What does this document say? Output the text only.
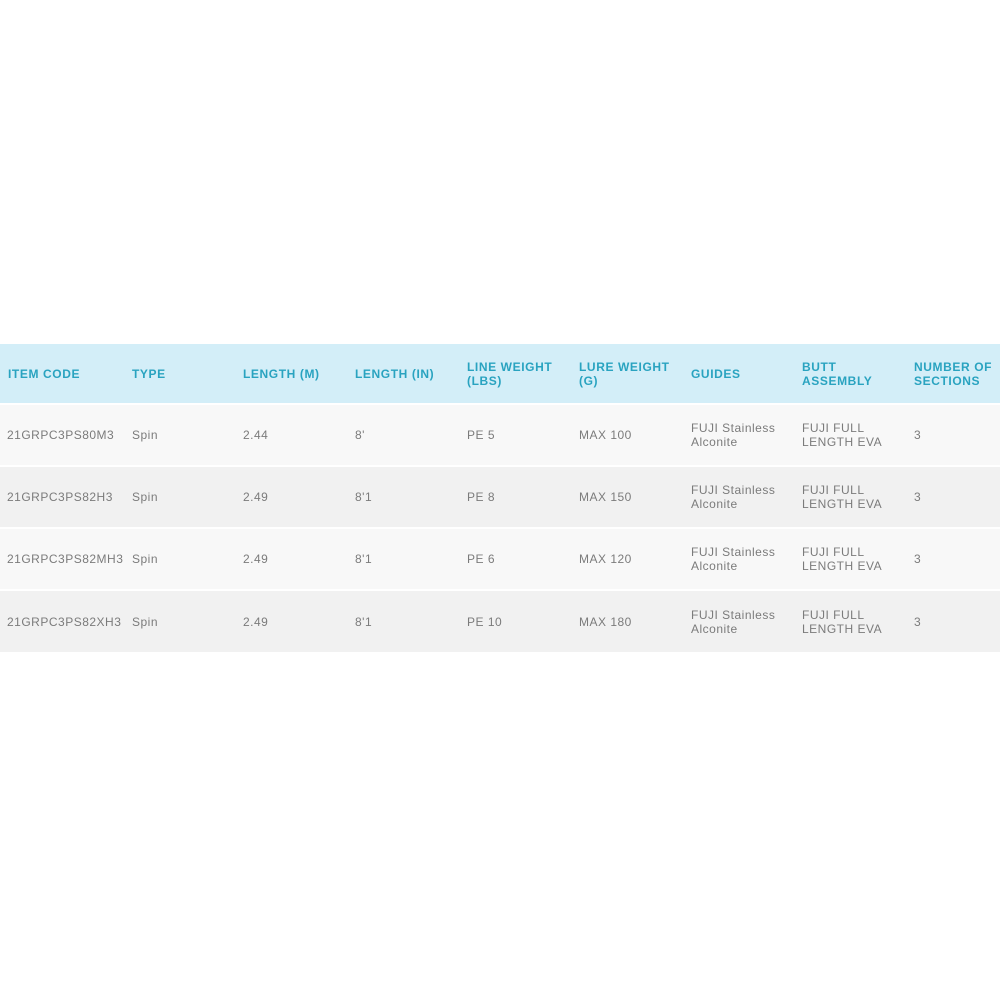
ITEM CODE	TYPE	LENGTH (M)	LENGTH (IN)	LINE WEIGHT (LBS)	LURE WEIGHT (G)	GUIDES	BUTT ASSEMBLY	NUMBER OF SECTIONS
21GRPC3PS80M3	Spin	2.44	8'	PE 5	MAX 100	FUJI Stainless Alconite	FUJI FULL LENGTH EVA	3
21GRPC3PS82H3	Spin	2.49	8'1	PE 8	MAX 150	FUJI Stainless Alconite	FUJI FULL LENGTH EVA	3
21GRPC3PS82MH3	Spin	2.49	8'1	PE 6	MAX 120	FUJI Stainless Alconite	FUJI FULL LENGTH EVA	3
21GRPC3PS82XH3	Spin	2.49	8'1	PE 10	MAX 180	FUJI Stainless Alconite	FUJI FULL LENGTH EVA	3
